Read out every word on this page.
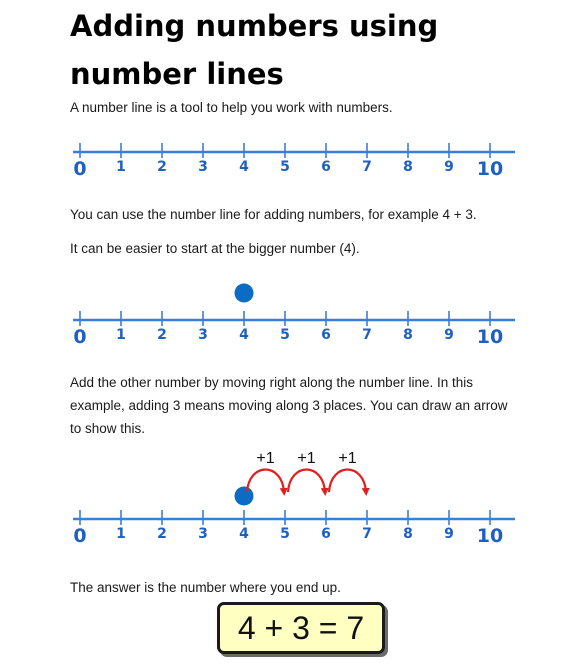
Adding numbers using number lines

A number line is a tool to help you work with numbers.

0 1 2 3 4 5 6 7 8 9 10

You can use the number line for adding numbers, for example 4 + 3.

It can be easier to start at the bigger number (4).

0 1 2 3 4 5 6 7 8 9 10

Add the other number by moving right along the number line. In this example, adding 3 means moving along 3 places. You can draw an arrow to show this.

0 1 2 3 4 5 6 7 8 9 10
+1 +1 +1

The answer is the number where you end up.

4 + 3 = 7
